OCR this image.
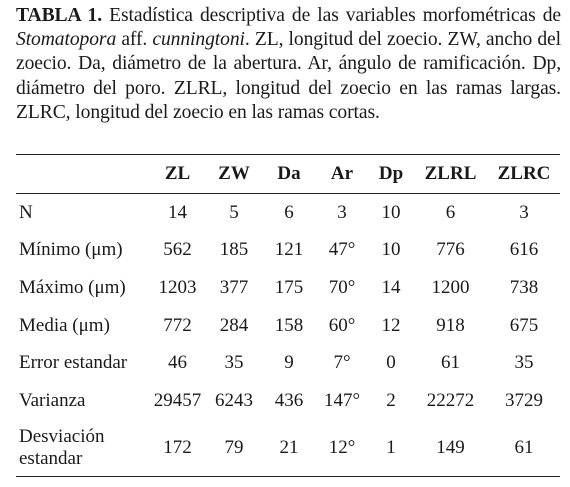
TABLA 1. Estadística descriptiva de las variables morfométricas de Stomatopora aff. cunningtoni. ZL, longitud del zoecio. ZW, ancho del zoecio. Da, diámetro de la abertura. Ar, ángulo de ramificación. Dp, diámetro del poro. ZLRL, longitud del zoecio en las ramas largas. ZLRC, longitud del zoecio en las ramas cortas.
	ZL	ZW	Da	Ar	Dp	ZLRL	ZLRC
N	14	5	6	3	10	6	3
Mínimo (μm)	562	185	121	47°	10	776	616
Máximo (μm)	1203	377	175	70°	14	1200	738
Media (μm)	772	284	158	60°	12	918	675
Error estandar	46	35	9	7°	0	61	35
Varianza	29457	6243	436	147°	2	22272	3729
Desviación estandar	172	79	21	12°	1	149	61
